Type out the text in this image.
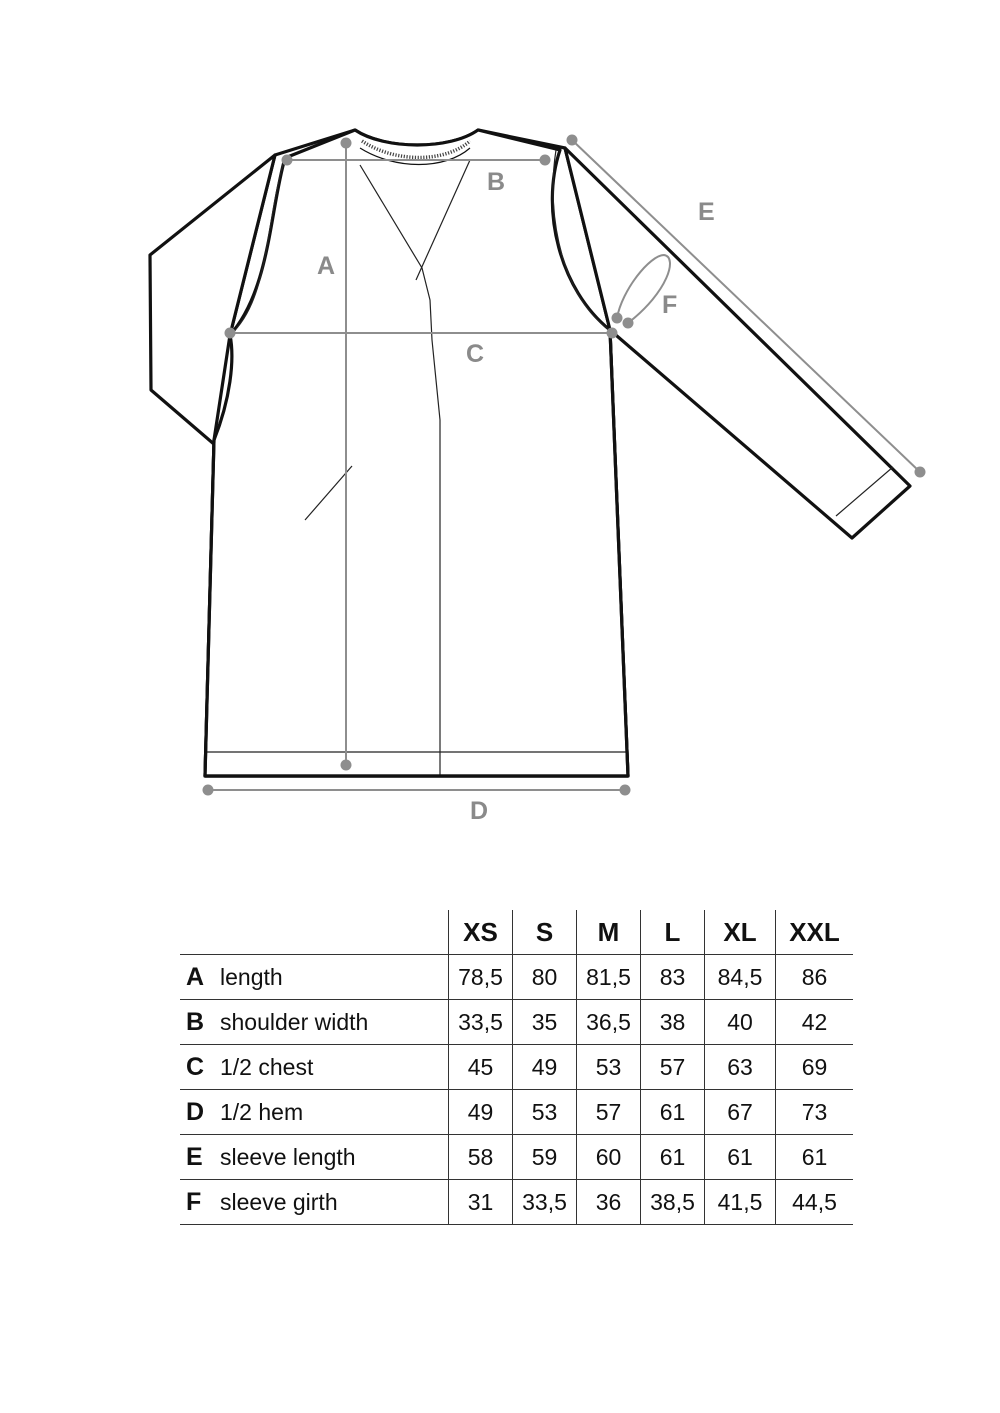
A
B
C
D
E
F
	XS	S	M	L	XL	XXL
A length	78,5	80	81,5	83	84,5	86
B shoulder width	33,5	35	36,5	38	40	42
C 1/2 chest	45	49	53	57	63	69
D 1/2 hem	49	53	57	61	67	73
E sleeve length	58	59	60	61	61	61
F sleeve girth	31	33,5	36	38,5	41,5	44,5
